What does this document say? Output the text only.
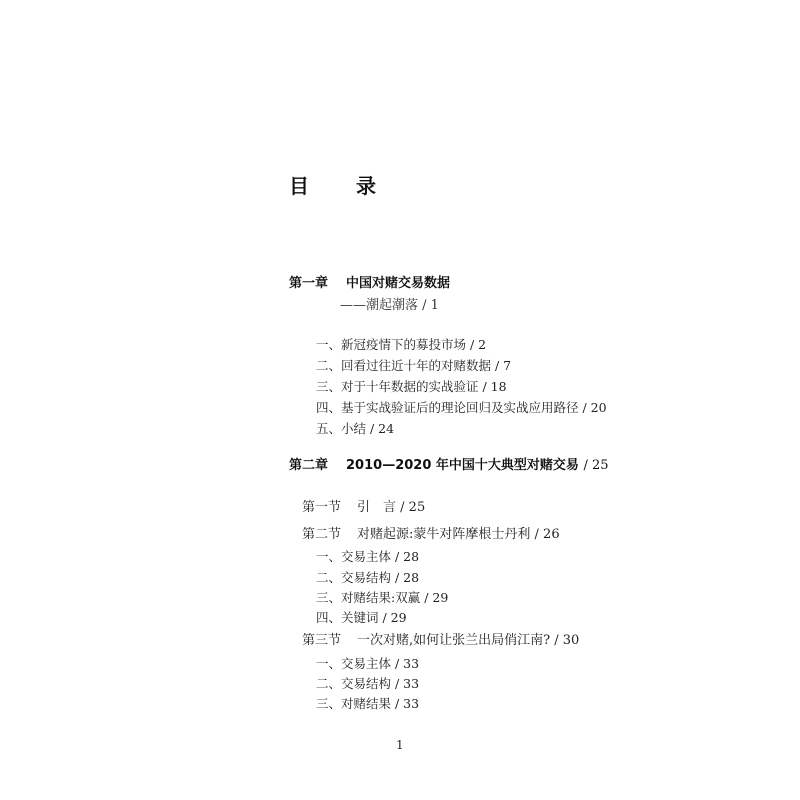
目 录
第一章 中国对赌交易数据
——潮起潮落 / 1
一、新冠疫情下的募投市场 / 2
二、回看过往近十年的对赌数据 / 7
三、对于十年数据的实战验证 / 18
四、基于实战验证后的理论回归及实战应用路径 / 20
五、小结 / 24
第二章 2010—2020 年中国十大典型对赌交易 / 25
第一节 引　言 / 25
第二节 对赌起源:蒙牛对阵摩根士丹利 / 26
一、交易主体 / 28
二、交易结构 / 28
三、对赌结果:双赢 / 29
四、关键词 / 29
第三节 一次对赌,如何让张兰出局俏江南? / 30
一、交易主体 / 33
二、交易结构 / 33
三、对赌结果 / 33
1
